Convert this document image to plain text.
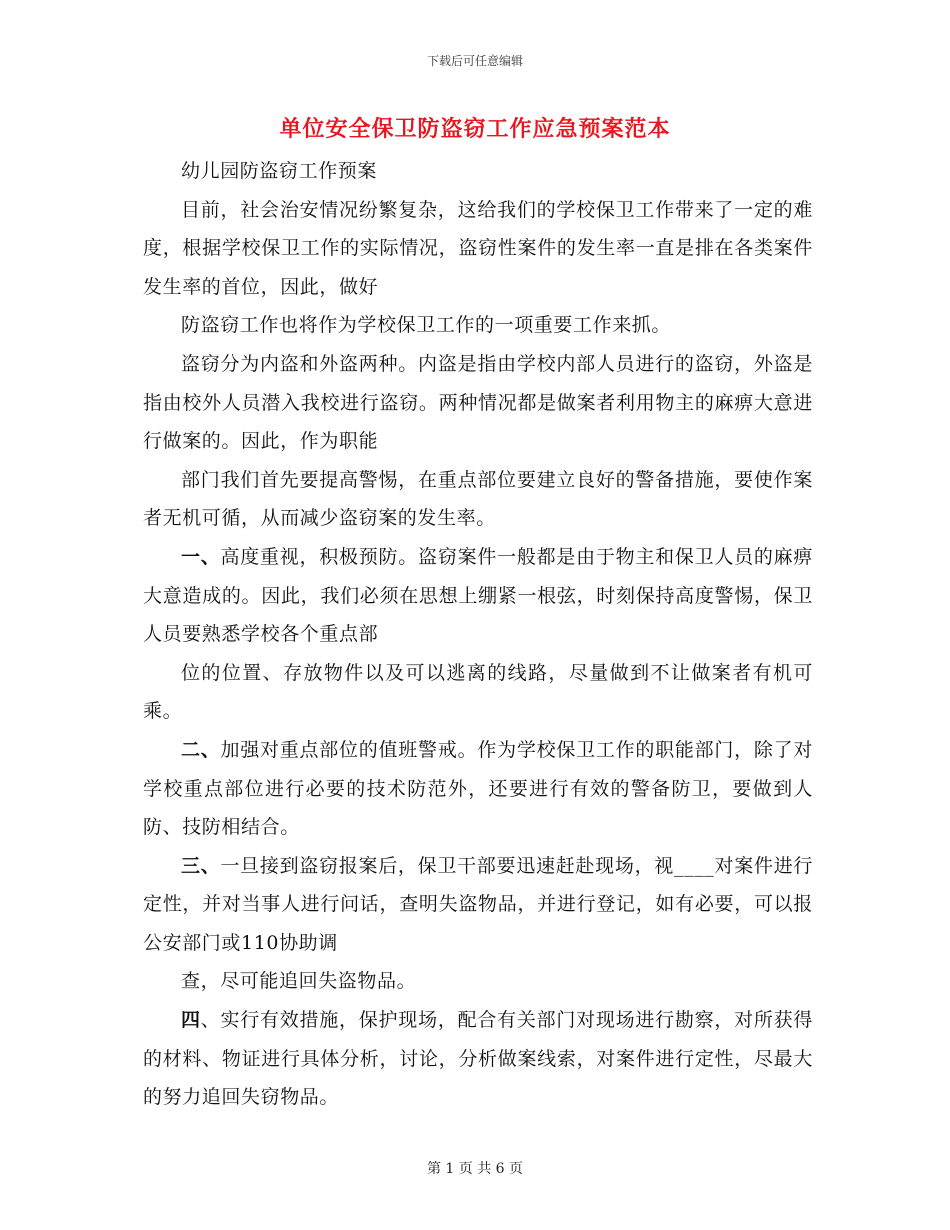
下载后可任意编辑
单位安全保卫防盗窃工作应急预案范本

幼儿园防盗窃工作预案

目前，社会治安情况纷繁复杂，这给我们的学校保卫工作带来了一定的难度，根据学校保卫工作的实际情况，盗窃性案件的发生率一直是排在各类案件发生率的首位，因此，做好

防盗窃工作也将作为学校保卫工作的一项重要工作来抓。

盗窃分为内盗和外盗两种。内盗是指由学校内部人员进行的盗窃，外盗是指由校外人员潜入我校进行盗窃。两种情况都是做案者利用物主的麻痹大意进行做案的。因此，作为职能

部门我们首先要提高警惕，在重点部位要建立良好的警备措施，要使作案者无机可循，从而减少盗窃案的发生率。

一、高度重视，积极预防。盗窃案件一般都是由于物主和保卫人员的麻痹大意造成的。因此，我们必须在思想上绷紧一根弦，时刻保持高度警惕，保卫人员要熟悉学校各个重点部

位的位置、存放物件以及可以逃离的线路，尽量做到不让做案者有机可乘。

二、加强对重点部位的值班警戒。作为学校保卫工作的职能部门，除了对学校重点部位进行必要的技术防范外，还要进行有效的警备防卫，要做到人防、技防相结合。

三、一旦接到盗窃报案后，保卫干部要迅速赶赴现场，视____对案件进行定性，并对当事人进行问话，查明失盗物品，并进行登记，如有必要，可以报公安部门或110协助调

查，尽可能追回失盗物品。

四、实行有效措施，保护现场，配合有关部门对现场进行勘察，对所获得的材料、物证进行具体分析，讨论，分析做案线索，对案件进行定性，尽最大的努力追回失窃物品。

第 1 页 共 6 页
